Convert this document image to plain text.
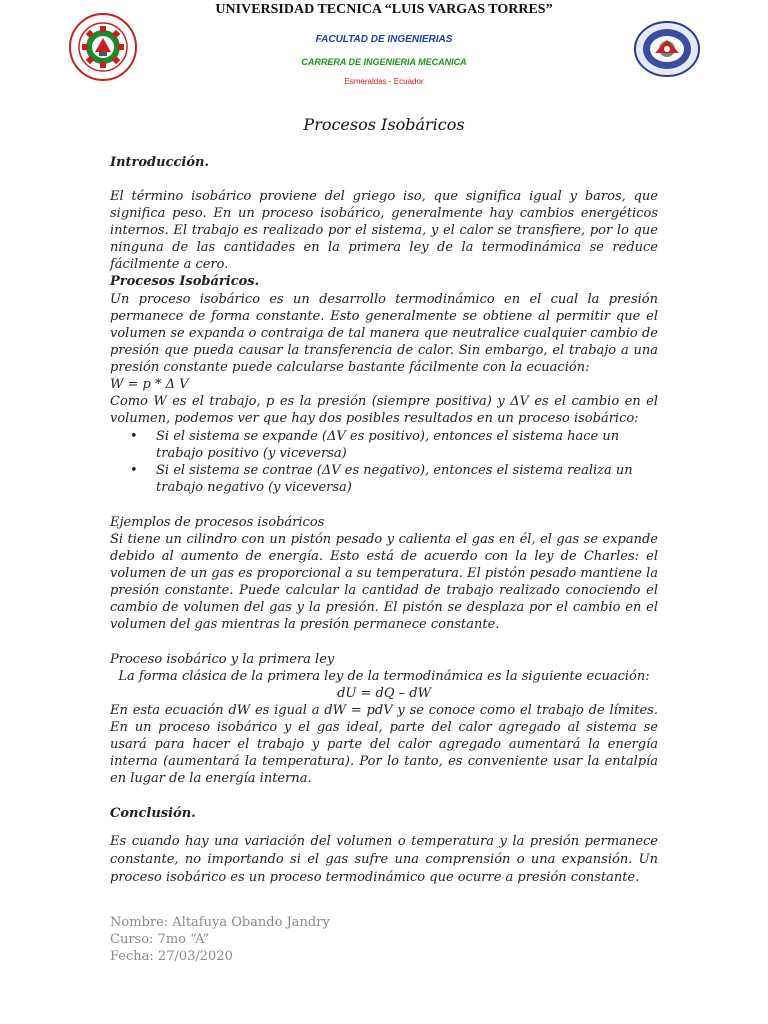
UNIVERSIDAD TECNICA “LUIS VARGAS TORRES”
FACULTAD DE INGENIERIAS
CARRERA DE INGENIERIA MECANICA
Esmeraldas - Ecuador
Procesos Isobáricos
Introducción.
El término isobárico proviene del griego iso, que significa igual y baros, que significa peso. En un proceso isobárico, generalmente hay cambios energéticos internos. El trabajo es realizado por el sistema, y el calor se transfiere, por lo que ninguna de las cantidades en la primera ley de la termodinámica se reduce fácilmente a cero.
Procesos Isobáricos.
Un proceso isobárico es un desarrollo termodinámico en el cual la presión permanece de forma constante. Esto generalmente se obtiene al permitir que el volumen se expanda o contraiga de tal manera que neutralice cualquier cambio de presión que pueda causar la transferencia de calor. Sin embargo, el trabajo a una presión constante puede calcularse bastante fácilmente con la ecuación:
W = p * Δ V
Como W es el trabajo, p es la presión (siempre positiva) y ΔV es el cambio en el volumen, podemos ver que hay dos posibles resultados en un proceso isobárico:
• Si el sistema se expande (ΔV es positivo), entonces el sistema hace un trabajo positivo (y viceversa)
• Si el sistema se contrae (ΔV es negativo), entonces el sistema realiza un trabajo negativo (y viceversa)
Ejemplos de procesos isobáricos
Si tiene un cilindro con un pistón pesado y calienta el gas en él, el gas se expande debido al aumento de energía. Esto está de acuerdo con la ley de Charles: el volumen de un gas es proporcional a su temperatura. El pistón pesado mantiene la presión constante. Puede calcular la cantidad de trabajo realizado conociendo el cambio de volumen del gas y la presión. El pistón se desplaza por el cambio en el volumen del gas mientras la presión permanece constante.
Proceso isobárico y la primera ley
La forma clásica de la primera ley de la termodinámica es la siguiente ecuación:
dU = dQ – dW
En esta ecuación dW es igual a dW = pdV y se conoce como el trabajo de límites. En un proceso isobárico y el gas ideal, parte del calor agregado al sistema se usará para hacer el trabajo y parte del calor agregado aumentará la energía interna (aumentará la temperatura). Por lo tanto, es conveniente usar la entalpía en lugar de la energía interna.
Conclusión.
Es cuando hay una variación del volumen o temperatura y la presión permanece constante, no importando si el gas sufre una comprensión o una expansión. Un proceso isobárico es un proceso termodinámico que ocurre a presión constante.
Nombre: Altafuya Obando Jandry
Curso: 7mo “A”
Fecha: 27/03/2020
